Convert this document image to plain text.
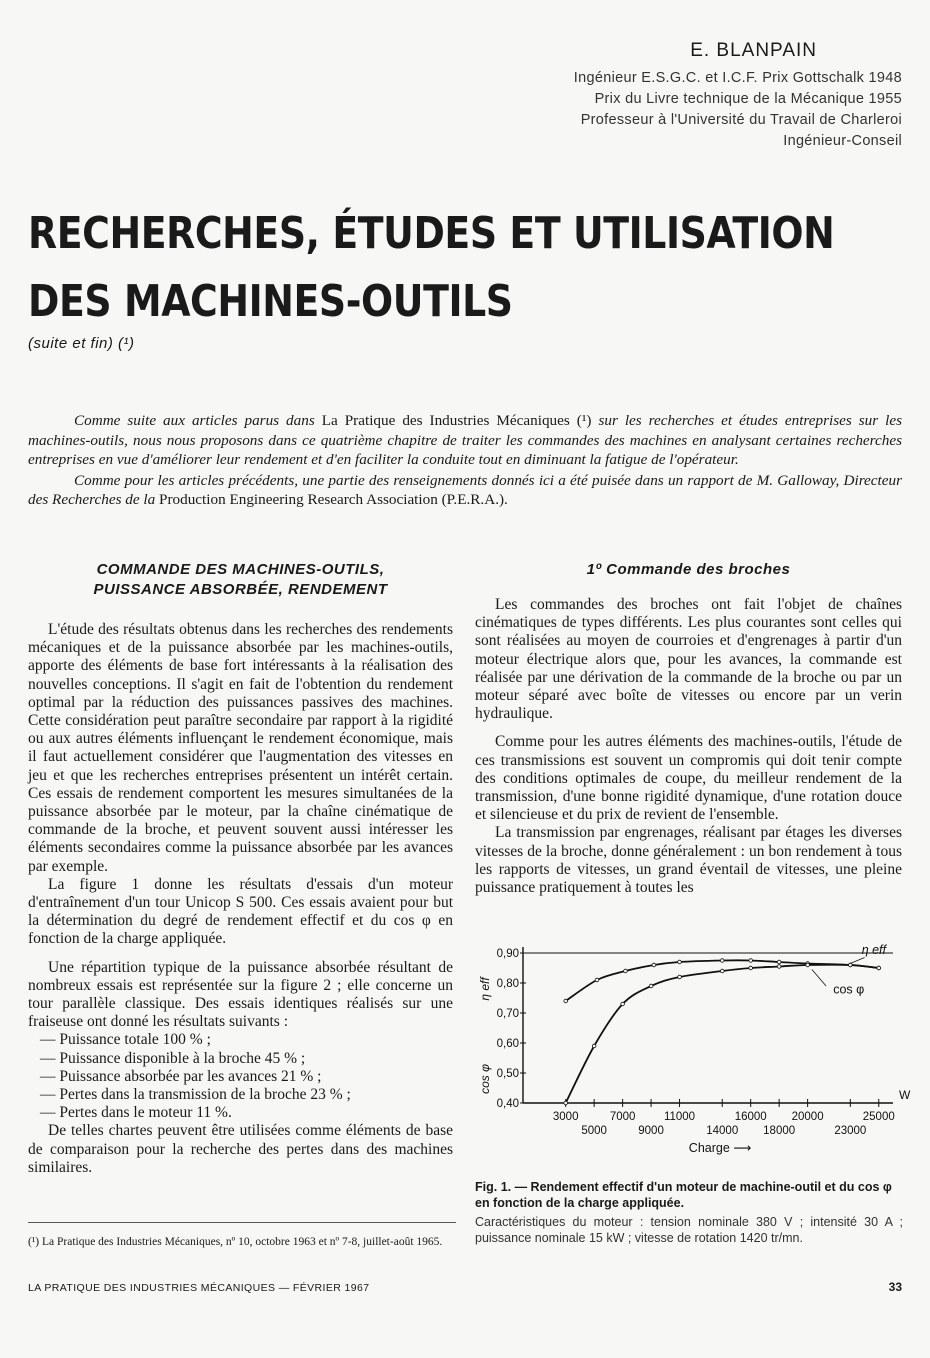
E. BLANPAIN
Ingénieur E.S.G.C. et I.C.F. Prix Gottschalk 1948
Prix du Livre technique de la Mécanique 1955
Professeur à l'Université du Travail de Charleroi
Ingénieur-Conseil
RECHERCHES, ÉTUDES ET UTILISATION
DES MACHINES-OUTILS
(suite et fin) (¹)

Comme suite aux articles parus dans La Pratique des Industries Mécaniques (¹) sur les recherches et études entreprises sur les machines-outils, nous nous proposons dans ce quatrième chapitre de traiter les commandes des machines en analysant certaines recherches entreprises en vue d'améliorer leur rendement et d'en faciliter la conduite tout en diminuant la fatigue de l'opérateur.

Comme pour les articles précédents, une partie des renseignements donnés ici a été puisée dans un rapport de M. Galloway, Directeur des Recherches de la Production Engineering Research Association (P.E.R.A.).

COMMANDE DES MACHINES-OUTILS,
PUISSANCE ABSORBÉE, RENDEMENT

L'étude des résultats obtenus dans les recherches des rendements mécaniques et de la puissance absorbée par les machines-outils, apporte des éléments de base fort intéressants à la réalisation des nouvelles conceptions. Il s'agit en fait de l'obtention du rendement optimal par la réduction des puissances passives des machines. Cette considération peut paraître secondaire par rapport à la rigidité ou aux autres éléments influençant le rendement économique, mais il faut actuellement considérer que l'augmentation des vitesses en jeu et que les recherches entreprises présentent un intérêt certain. Ces essais de rendement comportent les mesures simultanées de la puissance absorbée par le moteur, par la chaîne cinématique de commande de la broche, et peuvent souvent aussi intéresser les éléments secondaires comme la puissance absorbée par les avances par exemple.

La figure 1 donne les résultats d'essais d'un moteur d'entraînement d'un tour Unicop S 500. Ces essais avaient pour but la détermination du degré de rendement effectif et du cos φ en fonction de la charge appliquée.

Une répartition typique de la puissance absorbée résultant de nombreux essais est représentée sur la figure 2 ; elle concerne un tour parallèle classique. Des essais identiques réalisés sur une fraiseuse ont donné les résultats suivants :

— Puissance totale 100 % ;
— Puissance disponible à la broche 45 % ;
— Puissance absorbée par les avances 21 % ;
— Pertes dans la transmission de la broche 23 % ;
— Pertes dans le moteur 11 %.

De telles chartes peuvent être utilisées comme éléments de base de comparaison pour la recherche des pertes dans des machines similaires.

1º Commande des broches

Les commandes des broches ont fait l'objet de chaînes cinématiques de types différents. Les plus courantes sont celles qui sont réalisées au moyen de courroies et d'engrenages à partir d'un moteur électrique alors que, pour les avances, la commande est réalisée par une dérivation de la commande de la broche ou par un moteur séparé avec boîte de vitesses ou encore par un verin hydraulique.

Comme pour les autres éléments des machines-outils, l'étude de ces transmissions est souvent un compromis qui doit tenir compte des conditions optimales de coupe, du meilleur rendement de la transmission, d'une bonne rigidité dynamique, d'une rotation douce et silencieuse et du prix de revient de l'ensemble.

La transmission par engrenages, réalisant par étages les diverses vitesses de la broche, donne généralement : un bon rendement à tous les rapports de vitesses, un grand éventail de vitesses, une pleine puissance pratiquement à toutes les

0,90
0,80
0,70
0,60
0,50
0,40
3000	7000 11000	16000 20000	25000
5000	9000	14000 18000	23000
W
Charge ⟶
η eff
cos φ
η eff
cos φ
Fig. 1. — Rendement effectif d'un moteur de machine-outil et du cos φ en fonction de la charge appliquée.
Caractéristiques du moteur : tension nominale 380 V ; intensité 30 A ; puissance nominale 15 kW ; vitesse de rotation 1420 tr/mn.
(¹) La Pratique des Industries Mécaniques, nº 10, octobre 1963 et nº 7-8, juillet-août 1965.
LA PRATIQUE DES INDUSTRIES MÉCANIQUES — FÉVRIER 1967	33
